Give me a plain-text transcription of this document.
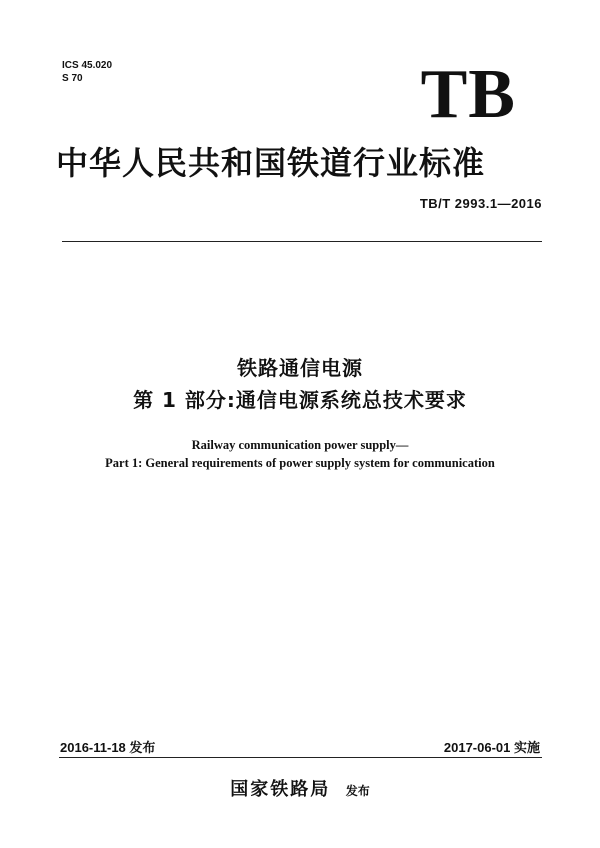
ICS 45.020
S 70	TB
中华人民共和国铁道行业标准
TB/T 2993.1—2016
铁路通信电源
第 1 部分:通信电源系统总技术要求
Railway communication power supply—
Part 1: General requirements of power supply system for communication
2016-11-18 发布	2017-06-01 实施
国家铁路局 发布
